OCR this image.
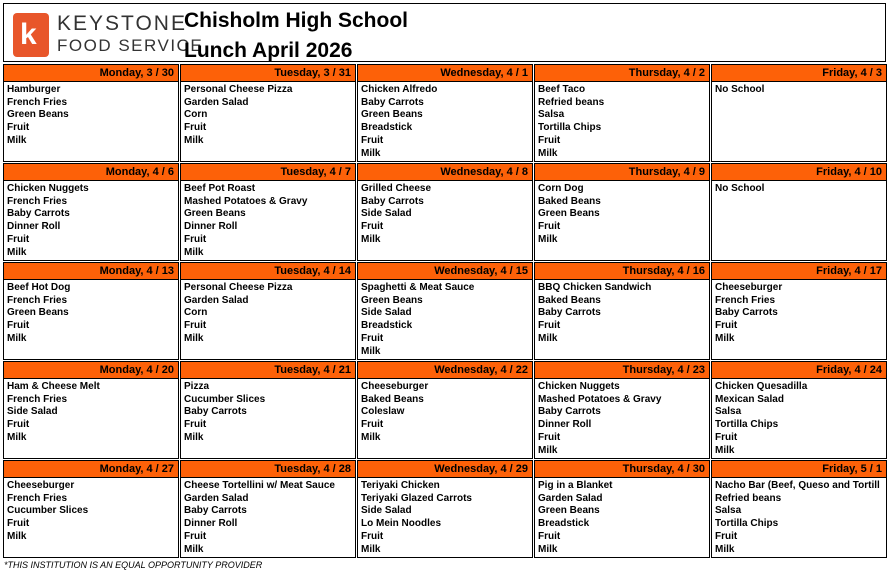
k KEYSTONE
FOOD SERVICE
Chisholm High School
Lunch April 2026
Monday, 3 / 30
Hamburger
French Fries
Green Beans
Fruit
Milk
Tuesday, 3 / 31
Personal Cheese Pizza
Garden Salad
Corn
Fruit
Milk
Wednesday, 4 / 1
Chicken Alfredo
Baby Carrots
Green Beans
Breadstick
Fruit
Milk
Thursday, 4 / 2
Beef Taco
Refried beans
Salsa
Tortilla Chips
Fruit
Milk
Friday, 4 / 3
No School
Monday, 4 / 6
Chicken Nuggets
French Fries
Baby Carrots
Dinner Roll
Fruit
Milk
Tuesday, 4 / 7
Beef Pot Roast
Mashed Potatoes & Gravy
Green Beans
Dinner Roll
Fruit
Milk
Wednesday, 4 / 8
Grilled Cheese
Baby Carrots
Side Salad
Fruit
Milk
Thursday, 4 / 9
Corn Dog
Baked Beans
Green Beans
Fruit
Milk
Friday, 4 / 10
No School
Monday, 4 / 13
Beef Hot Dog
French Fries
Green Beans
Fruit
Milk
Tuesday, 4 / 14
Personal Cheese Pizza
Garden Salad
Corn
Fruit
Milk
Wednesday, 4 / 15
Spaghetti & Meat Sauce
Green Beans
Side Salad
Breadstick
Fruit
Milk
Thursday, 4 / 16
BBQ Chicken Sandwich
Baked Beans
Baby Carrots
Fruit
Milk
Friday, 4 / 17
Cheeseburger
French Fries
Baby Carrots
Fruit
Milk
Monday, 4 / 20
Ham & Cheese Melt
French Fries
Side Salad
Fruit
Milk
Tuesday, 4 / 21
Pizza
Cucumber Slices
Baby Carrots
Fruit
Milk
Wednesday, 4 / 22
Cheeseburger
Baked Beans
Coleslaw
Fruit
Milk
Thursday, 4 / 23
Chicken Nuggets
Mashed Potatoes & Gravy
Baby Carrots
Dinner Roll
Fruit
Milk
Friday, 4 / 24
Chicken Quesadilla
Mexican Salad
Salsa
Tortilla Chips
Fruit
Milk
Monday, 4 / 27
Cheeseburger
French Fries
Cucumber Slices
Fruit
Milk
Tuesday, 4 / 28
Cheese Tortellini w/ Meat Sauce
Garden Salad
Baby Carrots
Dinner Roll
Fruit
Milk
Wednesday, 4 / 29
Teriyaki Chicken
Teriyaki Glazed Carrots
Side Salad
Lo Mein Noodles
Fruit
Milk
Thursday, 4 / 30
Pig in a Blanket
Garden Salad
Green Beans
Breadstick
Fruit
Milk
Friday, 5 / 1
Nacho Bar (Beef, Queso and Tortill
Refried beans
Salsa
Tortilla Chips
Fruit
Milk
*THIS INSTITUTION IS AN EQUAL OPPORTUNITY PROVIDER
